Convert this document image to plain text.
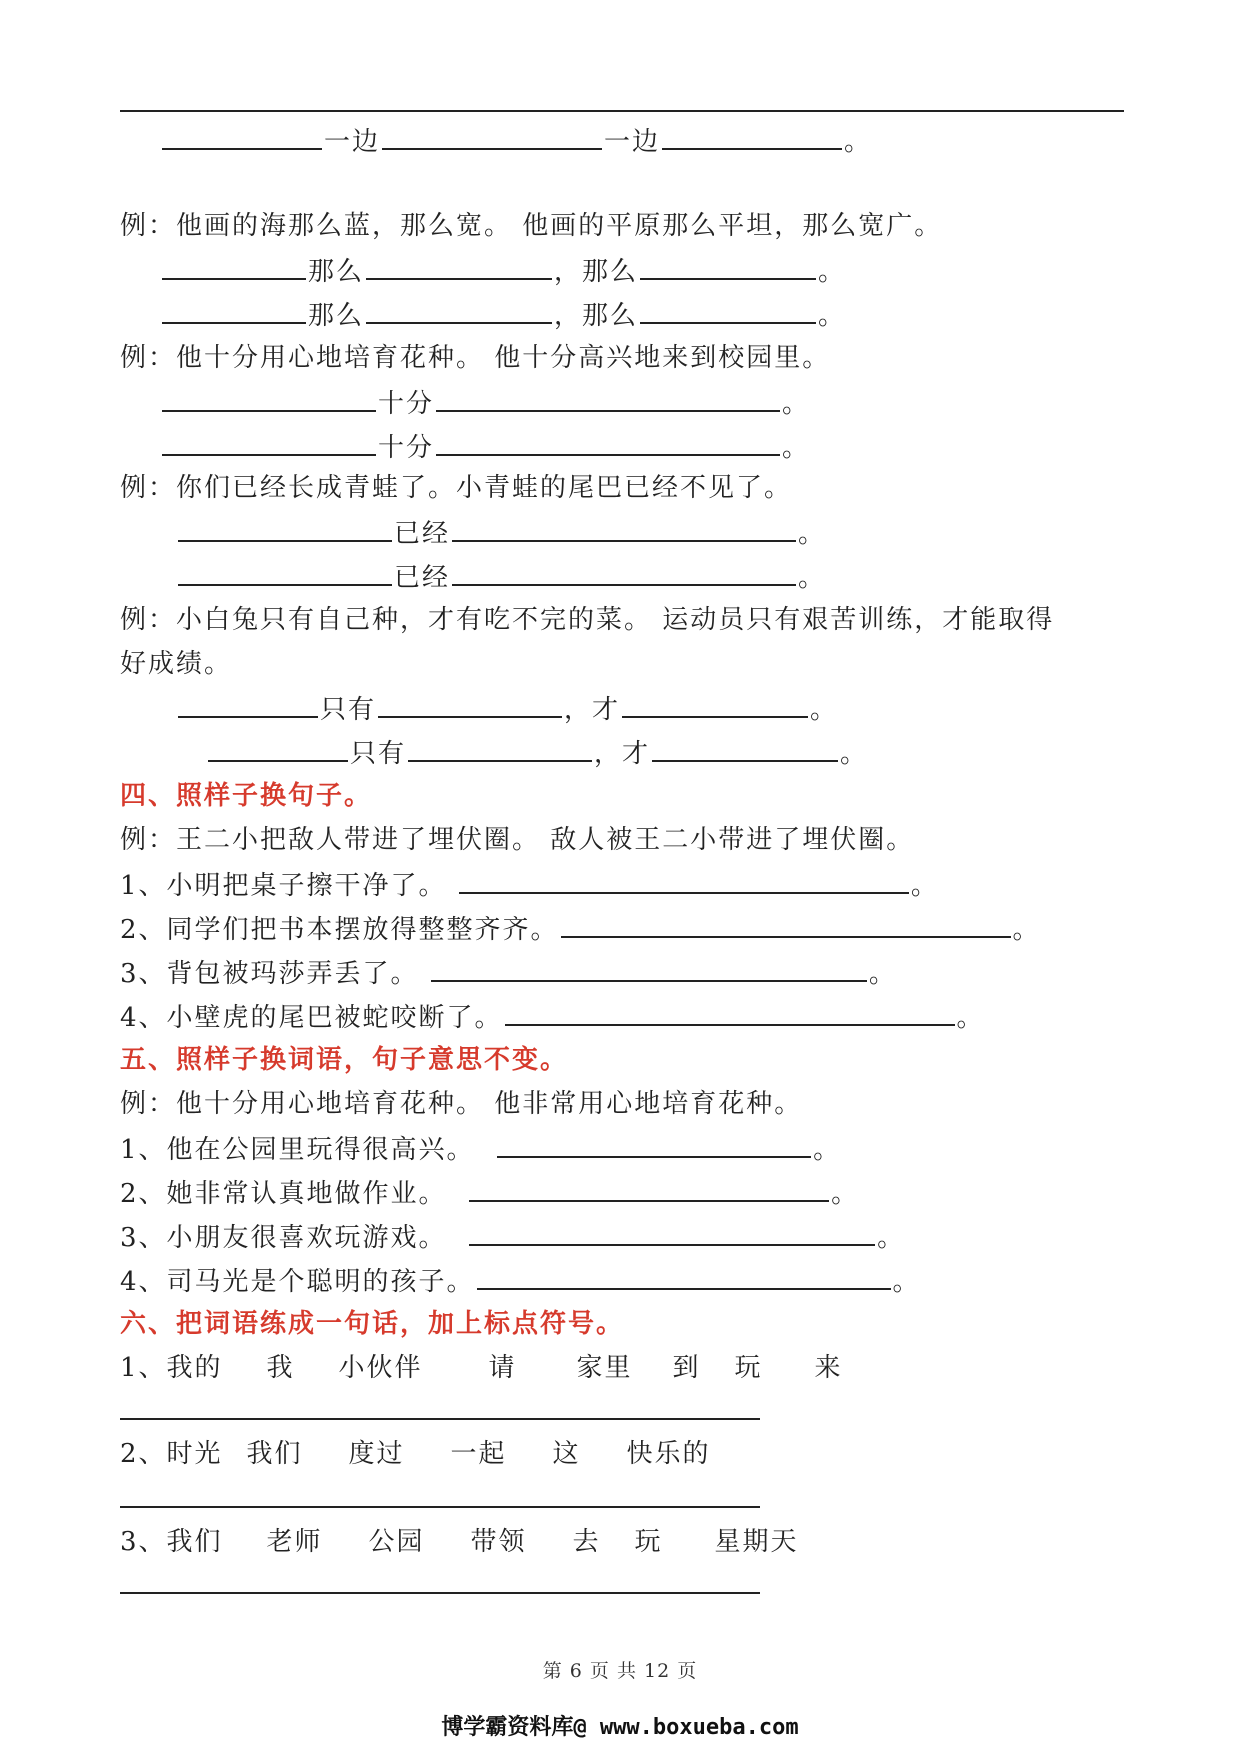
一边	一边	。
例：他画的海那么蓝，那么宽。 他画的平原那么平坦，那么宽广。
那么	，那么	。
那么	，那么	。
例：他十分用心地培育花种。 他十分高兴地来到校园里。
十分	。
十分	。
例：你们已经长成青蛙了。小青蛙的尾巴已经不见了。
已经	。
已经	。
例：小白兔只有自己种，才有吃不完的菜。 运动员只有艰苦训练，才能取得
好成绩。
只有	，才	。
只有	，才	。
四、照样子换句子。
例：王二小把敌人带进了埋伏圈。 敌人被王二小带进了埋伏圈。
1、小明把桌子擦干净了。	。
2、同学们把书本摆放得整整齐齐。	。
3、背包被玛莎弄丢了。	。
4、小壁虎的尾巴被蛇咬断了。	。
五、照样子换词语，句子意思不变。
例：他十分用心地培育花种。 他非常用心地培育花种。
1、他在公园里玩得很高兴。	。
2、她非常认真地做作业。	。
3、小朋友很喜欢玩游戏。	。
4、司马光是个聪明的孩子。	。
六、把词语练成一句话，加上标点符号。
1、我的 我 小伙伴	请 家里 到 玩 来
2、时光 我们 度过 一起 这 快乐的
3、我们 老师 公园 带领 去 玩 星期天
第 6 页 共 12 页
博学霸资料库@ www.boxueba.com
